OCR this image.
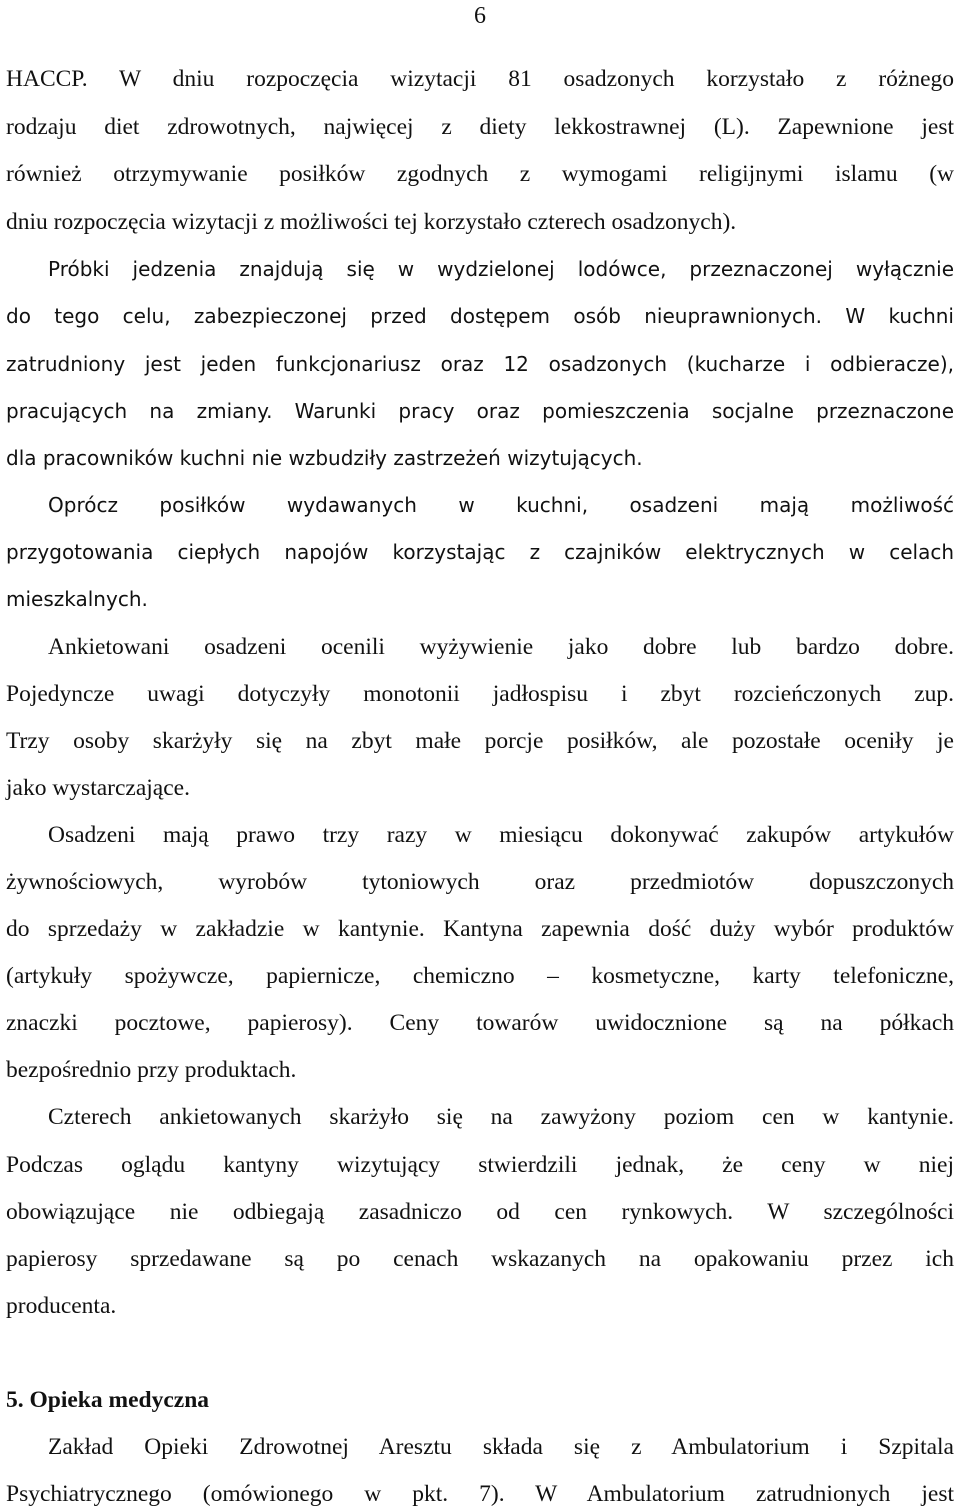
6
HACCP. W dniu rozpoczęcia wizytacji 81 osadzonych korzystało z różnego
rodzaju diet zdrowotnych, najwięcej z diety lekkostrawnej (L). Zapewnione jest
również otrzymywanie posiłków zgodnych z wymogami religijnymi islamu (w
dniu rozpoczęcia wizytacji z możliwości tej korzystało czterech osadzonych).
Próbki jedzenia znajdują się w wydzielonej lodówce, przeznaczonej wyłącznie
do tego celu, zabezpieczonej przed dostępem osób nieuprawnionych. W kuchni
zatrudniony jest jeden funkcjonariusz oraz 12 osadzonych (kucharze i odbieracze),
pracujących na zmiany. Warunki pracy oraz pomieszczenia socjalne przeznaczone
dla pracowników kuchni nie wzbudziły zastrzeżeń wizytujących.
Oprócz posiłków wydawanych w kuchni, osadzeni mają możliwość
przygotowania ciepłych napojów korzystając z czajników elektrycznych w celach
mieszkalnych.
Ankietowani osadzeni ocenili wyżywienie jako dobre lub bardzo dobre.
Pojedyncze uwagi dotyczyły monotonii jadłospisu i zbyt rozcieńczonych zup.
Trzy osoby skarżyły się na zbyt małe porcje posiłków, ale pozostałe oceniły je
jako wystarczające.
Osadzeni mają prawo trzy razy w miesiącu dokonywać zakupów artykułów
żywnościowych, wyrobów tytoniowych oraz przedmiotów dopuszczonych
do sprzedaży w zakładzie w kantynie. Kantyna zapewnia dość duży wybór produktów
(artykuły spożywcze, papiernicze, chemiczno – kosmetyczne, karty telefoniczne,
znaczki pocztowe, papierosy). Ceny towarów uwidocznione są na półkach
bezpośrednio przy produktach.
Czterech ankietowanych skarżyło się na zawyżony poziom cen w kantynie.
Podczas oglądu kantyny wizytujący stwierdzili jednak, że ceny w niej
obowiązujące nie odbiegają zasadniczo od cen rynkowych. W szczególności
papierosy sprzedawane są po cenach wskazanych na opakowaniu przez ich
producenta.
5. Opieka medyczna
Zakład Opieki Zdrowotnej Aresztu składa się z Ambulatorium i Szpitala
Psychiatrycznego (omówionego w pkt. 7). W Ambulatorium zatrudnionych jest
